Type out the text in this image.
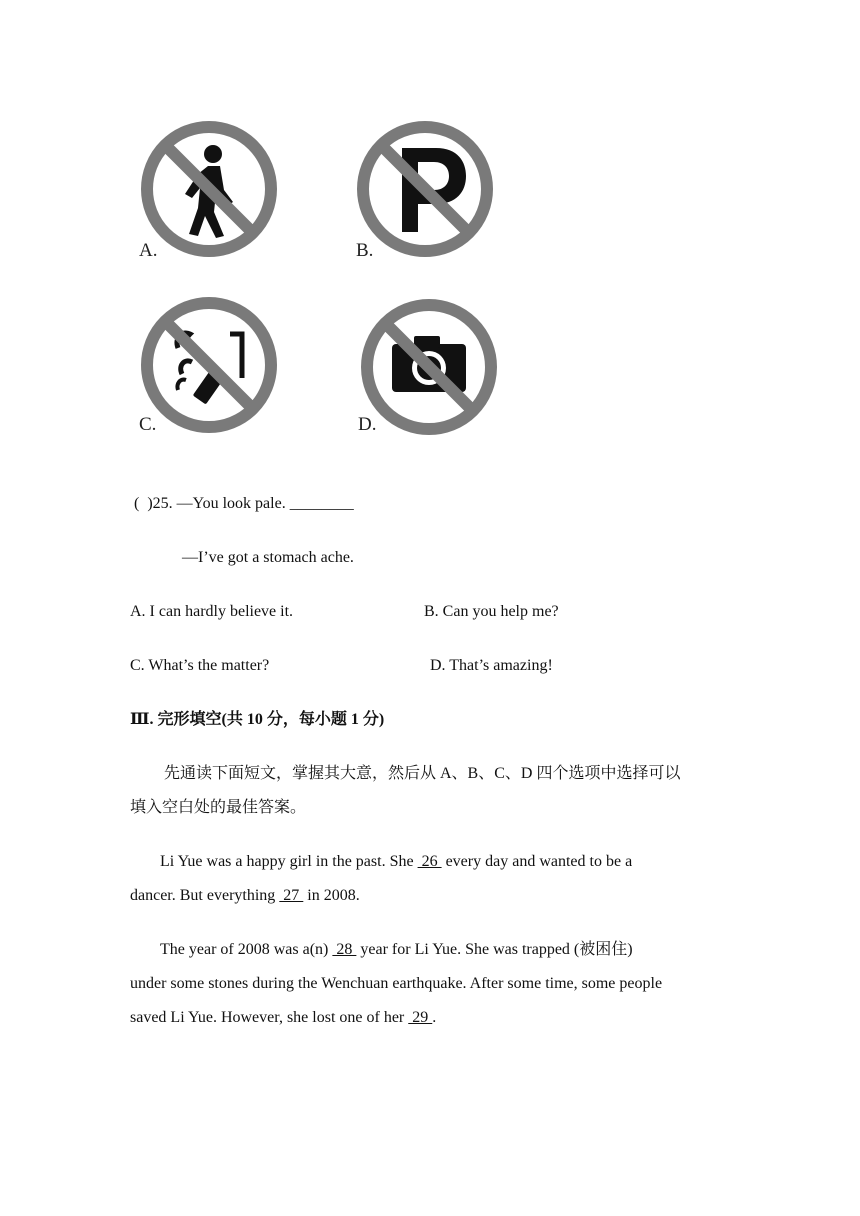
A.	B.
C.	D.
(  )25. —You look pale. ________
—I’ve got a stomach ache.
A. I can hardly believe it.	B. Can you help me?
C. What’s the matter?	D. That’s amazing!
Ⅲ. 完形填空(共 10 分，每小题 1 分)
先通读下面短文，掌握其大意，然后从 A、B、C、D 四个选项中选择可以
填入空白处的最佳答案。
Li Yue was a happy girl in the past. She  26  every day and wanted to be a
dancer. But everything  27  in 2008.
The year of 2008 was a(n)  28  year for Li Yue. She was trapped (被困住)
under some stones during the Wenchuan earthquake. After some time, some people
saved Li Yue. However, she lost one of her  29 .
